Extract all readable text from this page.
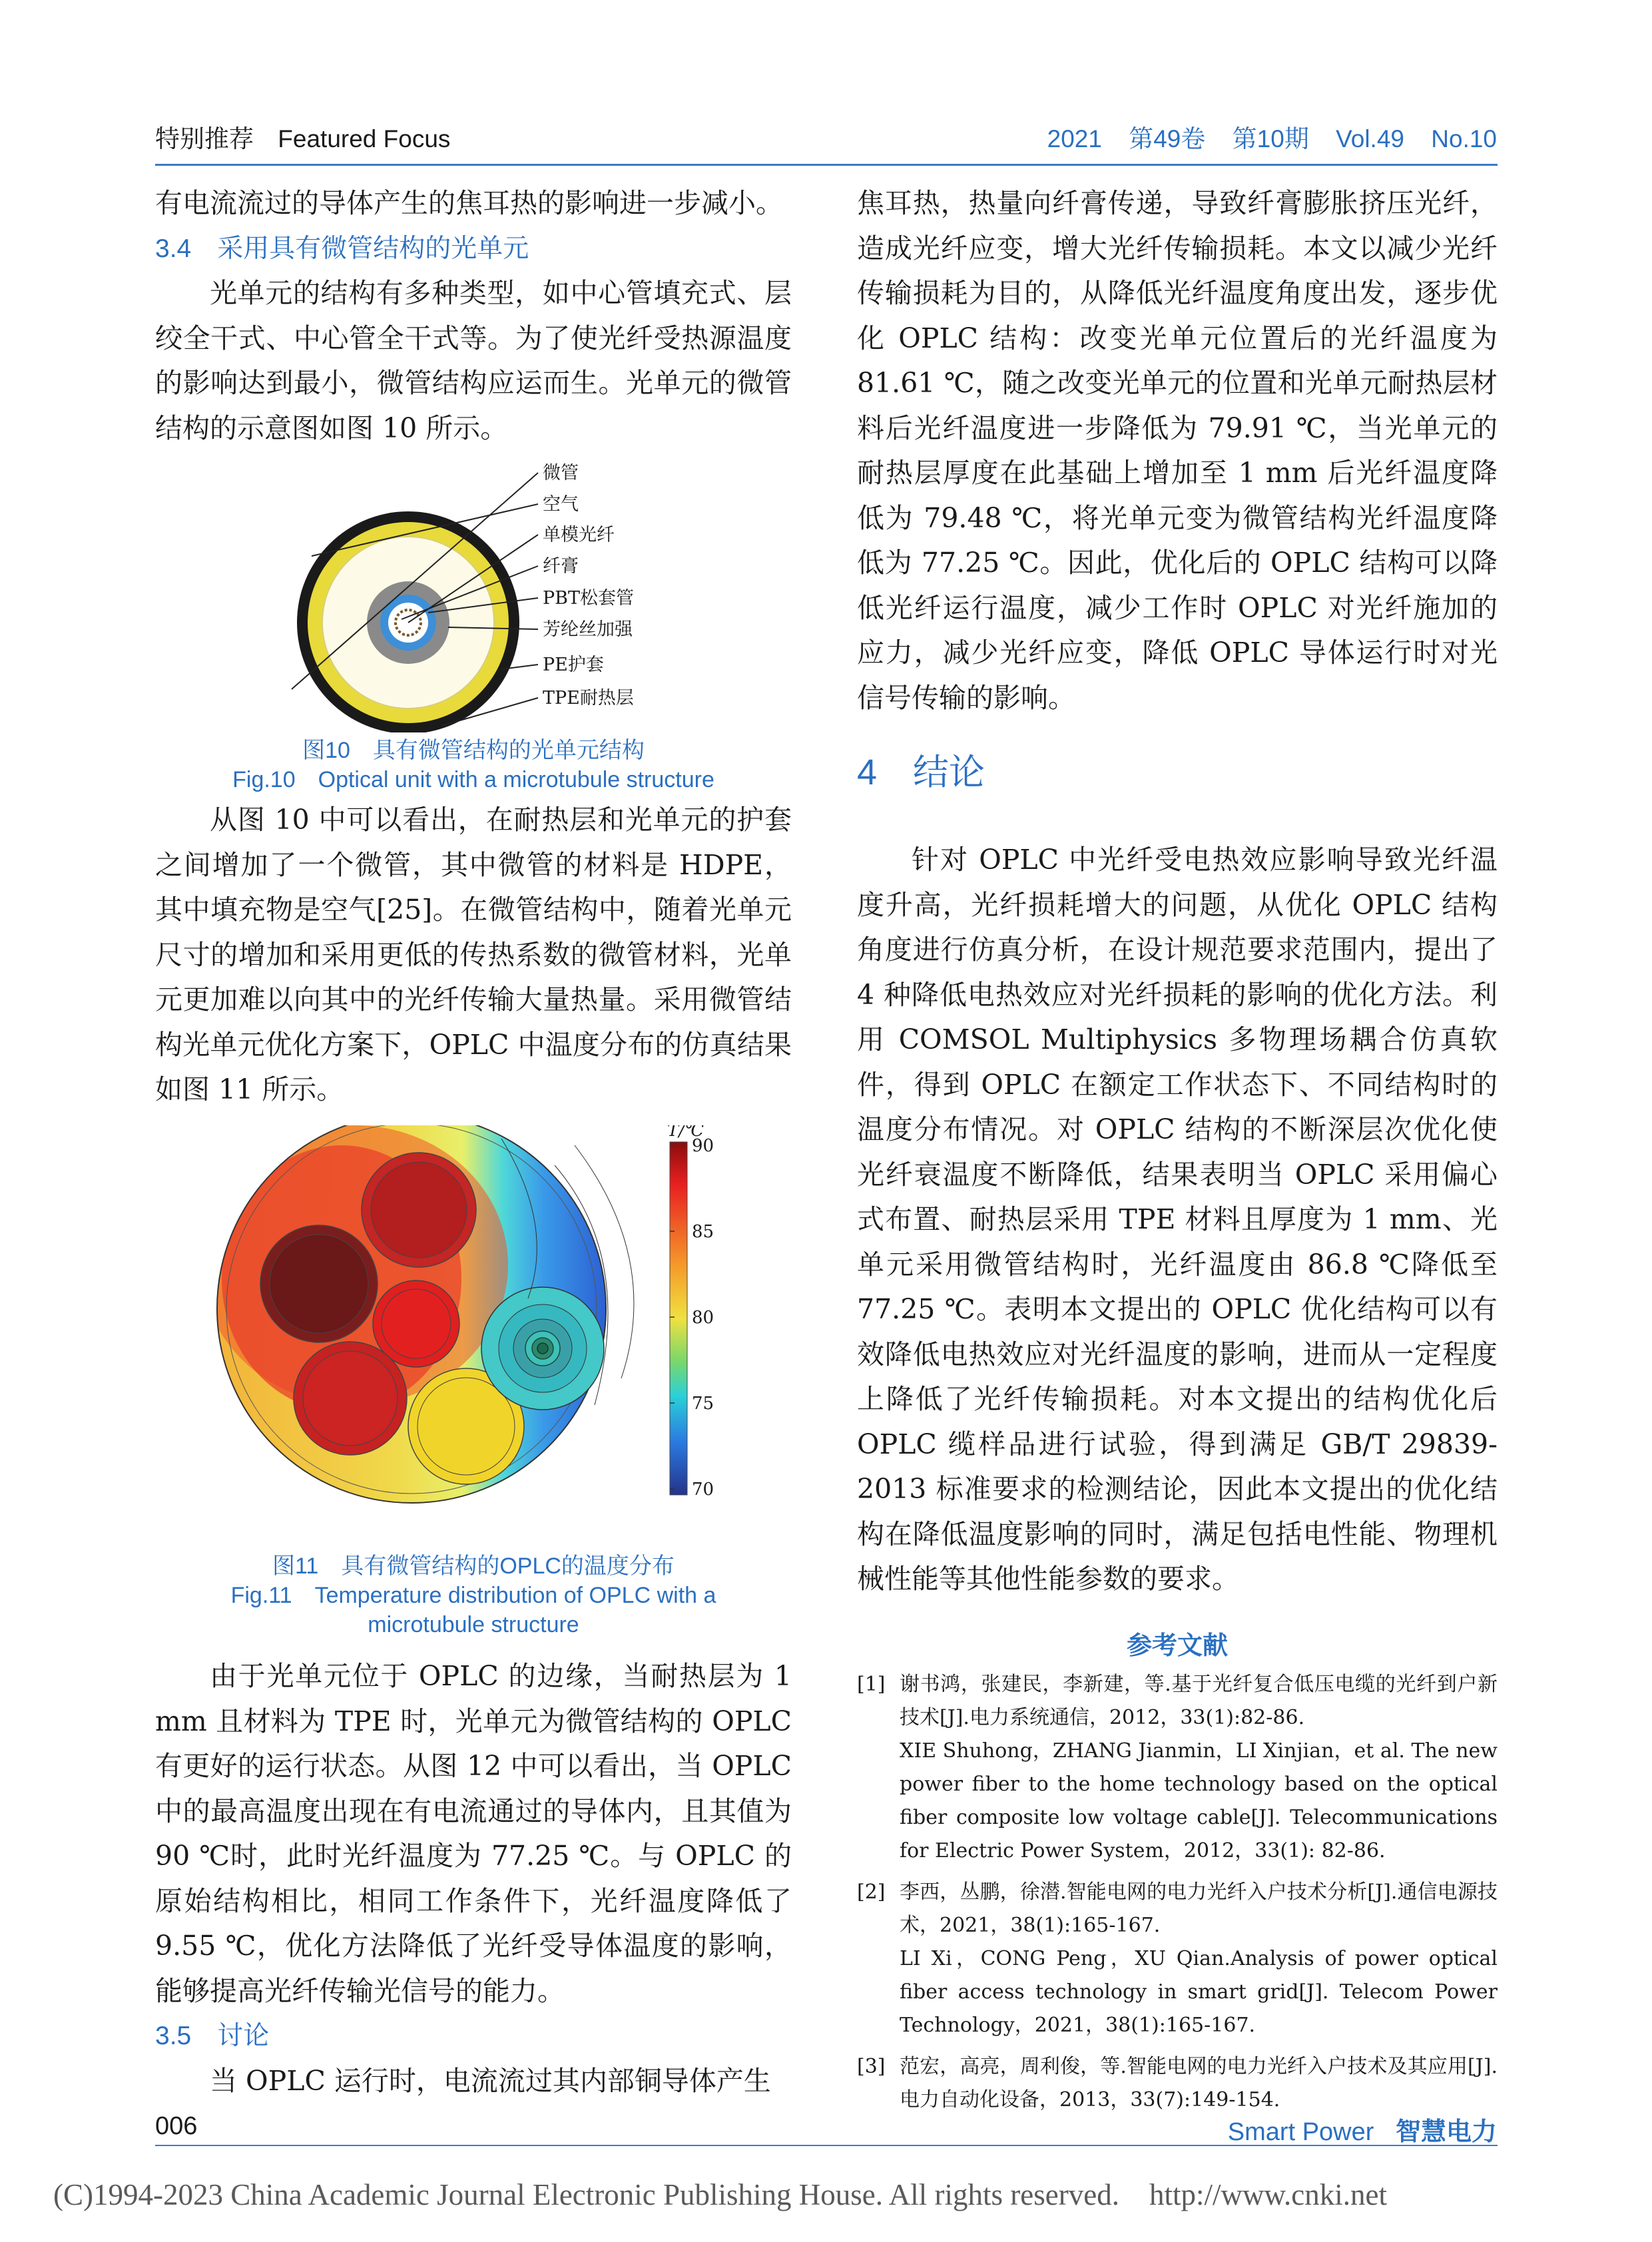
特别推荐 Featured Focus	2021 第49卷 第10期 Vol.49 No.10

有电流流过的导体产生的焦耳热的影响进一步减小。

3.4　采用具有微管结构的光单元

光单元的结构有多种类型，如中心管填充式、层绞全干式、中心管全干式等。为了使光纤受热源温度的影响达到最小，微管结构应运而生。光单元的微管结构的示意图如图 10 所示。

微管
空气
单模光纤
纤膏
PBT松套管
芳纶丝加强
PE护套
TPE耐热层
图10　具有微管结构的光单元结构
Fig.10　Optical unit with a microtubule structure

从图 10 中可以看出，在耐热层和光单元的护套之间增加了一个微管，其中微管的材料是 HDPE，其中填充物是空气[25]。在微管结构中，随着光单元尺寸的增加和采用更低的传热系数的微管材料，光单元更加难以向其中的光纤传输大量热量。采用微管结构光单元优化方案下，OPLC 中温度分布的仿真结果如图 11 所示。

T/℃
90
85
80
75
70
图11　具有微管结构的OPLC的温度分布
Fig.11　Temperature distribution of OPLC with a
microtubule structure

由于光单元位于 OPLC 的边缘，当耐热层为 1 mm 且材料为 TPE 时，光单元为微管结构的 OPLC 有更好的运行状态。从图 12 中可以看出，当 OPLC 中的最高温度出现在有电流通过的导体内，且其值为 90 ℃时，此时光纤温度为 77.25 ℃。与 OPLC 的原始结构相比，相同工作条件下，光纤温度降低了 9.55 ℃，优化方法降低了光纤受导体温度的影响，能够提高光纤传输光信号的能力。

3.5　讨论

当 OPLC 运行时，电流流过其内部铜导体产生

焦耳热，热量向纤膏传递，导致纤膏膨胀挤压光纤，造成光纤应变，增大光纤传输损耗。本文以减少光纤传输损耗为目的，从降低光纤温度角度出发，逐步优化 OPLC 结构：改变光单元位置后的光纤温度为 81.61 ℃，随之改变光单元的位置和光单元耐热层材料后光纤温度进一步降低为 79.91 ℃，当光单元的耐热层厚度在此基础上增加至 1 mm 后光纤温度降低为 79.48 ℃，将光单元变为微管结构光纤温度降低为 77.25 ℃。因此，优化后的 OPLC 结构可以降低光纤运行温度，减少工作时 OPLC 对光纤施加的应力，减少光纤应变，降低 OPLC 导体运行时对光信号传输的影响。

4　结论

针对 OPLC 中光纤受电热效应影响导致光纤温度升高，光纤损耗增大的问题，从优化 OPLC 结构角度进行仿真分析，在设计规范要求范围内，提出了 4 种降低电热效应对光纤损耗的影响的优化方法。利用 COMSOL Multiphysics 多物理场耦合仿真软件，得到 OPLC 在额定工作状态下、不同结构时的温度分布情况。对 OPLC 结构的不断深层次优化使光纤衰温度不断降低，结果表明当 OPLC 采用偏心式布置、耐热层采用 TPE 材料且厚度为 1 mm、光单元采用微管结构时，光纤温度由 86.8 ℃降低至 77.25 ℃。表明本文提出的 OPLC 优化结构可以有效降低电热效应对光纤温度的影响，进而从一定程度上降低了光纤传输损耗。对本文提出的结构优化后 OPLC 缆样品进行试验，得到满足 GB/T 29839-2013 标准要求的检测结论，因此本文提出的优化结构在降低温度影响的同时，满足包括电性能、物理机械性能等其他性能参数的要求。

参考文献
[1] 谢书鸿，张建民，李新建，等.基于光纤复合低压电缆的光纤到户新技术[J].电力系统通信，2012，33(1):82-86.
XIE Shuhong，ZHANG Jianmin，LI Xinjian，et al. The new power fiber to the home technology based on the optical fiber composite low voltage cable[J]. Telecommunications for Electric Power System，2012，33(1): 82-86.
[2] 李西，丛鹏，徐潜.智能电网的电力光纤入户技术分析[J].通信电源技术，2021，38(1):165-167.
LI Xi，CONG Peng，XU Qian.Analysis of power optical fiber access technology in smart grid[J]. Telecom Power Technology，2021，38(1):165-167.
[3] 范宏，高亮，周利俊，等.智能电网的电力光纤入户技术及其应用[J].电力自动化设备，2013，33(7):149-154.
006	Smart Power 智慧电力
(C)1994-2023 China Academic Journal Electronic Publishing House. All rights reserved.    http://www.cnki.net
